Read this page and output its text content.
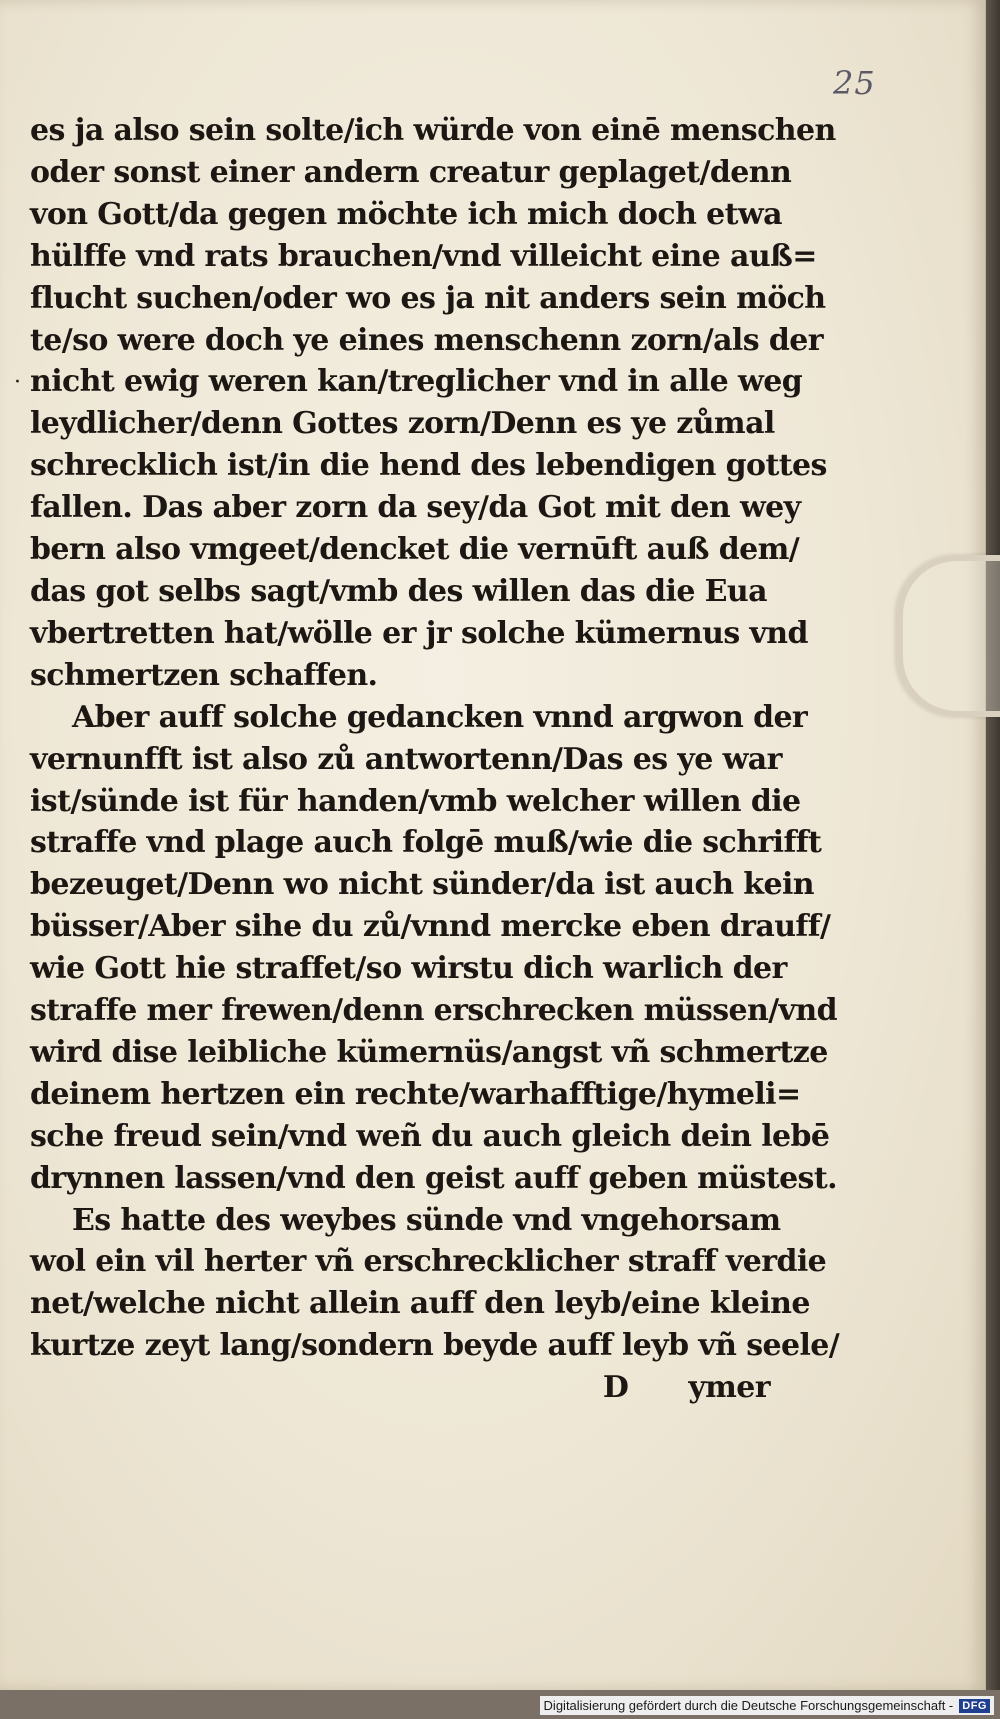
25
·
es ja also sein solte/ich würde von einē menschen
oder sonst einer andern creatur geplaget/denn
von Gott/da gegen möchte ich mich doch etwa
hülffe vnd rats brauchen/vnd villeicht eine auß=
flucht suchen/oder wo es ja nit anders sein möch
te/so were doch ye eines menschenn zorn/als der
nicht ewig weren kan/treglicher vnd in alle weg
leydlicher/denn Gottes zorn/Denn es ye zůmal
schrecklich ist/in die hend des lebendigen gottes
fallen. Das aber zorn da sey/da Got mit den wey
bern also vmgeet/dencket die vernūft auß dem/
das got selbs sagt/vmb des willen das die Eua
vbertretten hat/wölle er jr solche kümernus vnd
schmertzen schaffen.
Aber auff solche gedancken vnnd argwon der
vernunfft ist also zů antwortenn/Das es ye war
ist/sünde ist für handen/vmb welcher willen die
straffe vnd plage auch folgē muß/wie die schrifft
bezeuget/Denn wo nicht sünder/da ist auch kein
büsser/Aber sihe du zů/vnnd mercke eben drauff/
wie Gott hie straffet/so wirstu dich warlich der
straffe mer frewen/denn erschrecken müssen/vnd
wird dise leibliche kümernüs/angst vñ schmertze
deinem hertzen ein rechte/warhafftige/hymeli=
sche freud sein/vnd weñ du auch gleich dein lebē
drynnen lassen/vnd den geist auff geben müstest.
Es hatte des weybes sünde vnd vngehorsam
wol ein vil herter vñ erschrecklicher straff verdie
net/welche nicht allein auff den leyb/eine kleine
kurtze zeyt lang/sondern beyde auff leyb vñ seele/
D ymer
Digitalisierung gefördert durch die Deutsche Forschungsgemeinschaft - DFG
